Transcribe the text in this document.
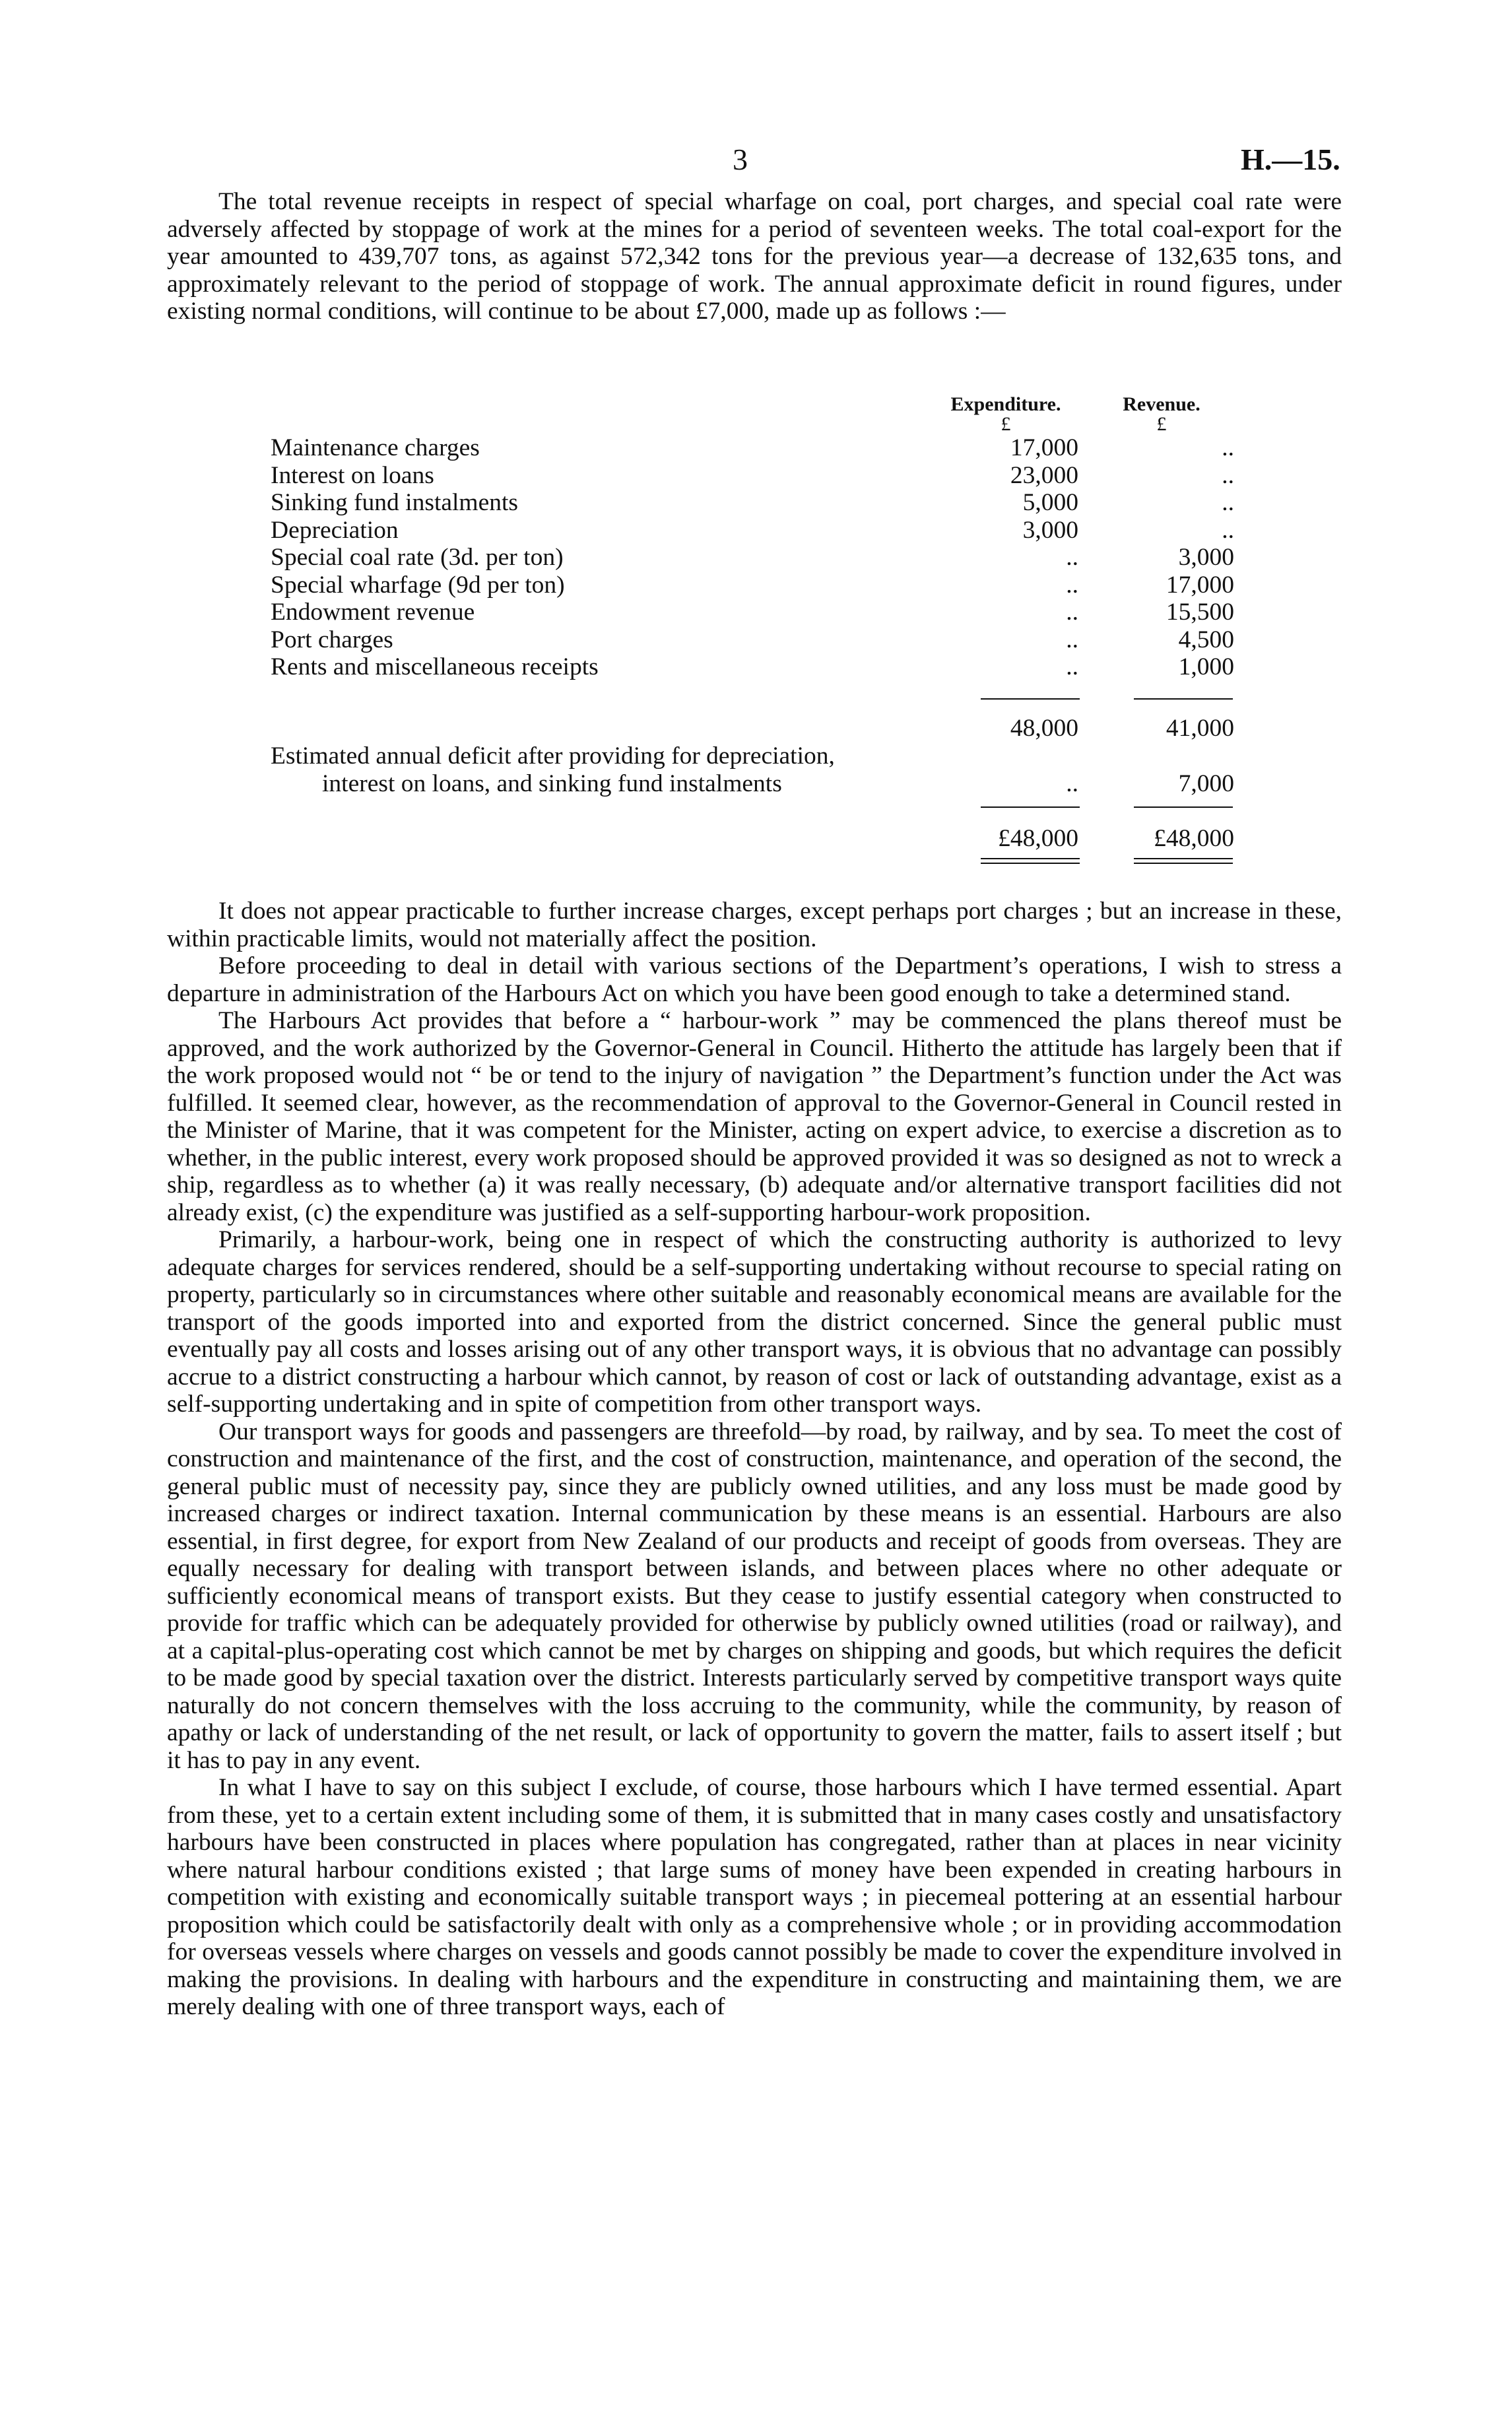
3	H.—15.

The total revenue receipts in respect of special wharfage on coal, port charges, and special coal rate were adversely affected by stoppage of work at the mines for a period of seventeen weeks. The total coal-export for the year amounted to 439,707 tons, as against 572,342 tons for the previous year—a decrease of 132,635 tons, and approximately relevant to the period of stoppage of work. The annual approximate deficit in round figures, under existing normal conditions, will continue to be about £7,000, made up as follows :—

Expenditure.	Revenue.
£	£
Maintenance charges	17,000	..
Interest on loans	23,000	..
Sinking fund instalments	5,000	..
Depreciation	3,000	..
Special coal rate (3d. per ton)	..	3,000
Special wharfage (9d per ton)	..	17,000
Endowment revenue	..	15,500
Port charges	..	4,500
Rents and miscellaneous receipts	..	1,000
48,000	41,000
Estimated annual deficit after providing for depreciation,
interest on loans, and sinking fund instalments	..	7,000
£48,000	£48,000

It does not appear practicable to further increase charges, except perhaps port charges ; but an increase in these, within practicable limits, would not materially affect the position.

Before proceeding to deal in detail with various sections of the Department’s operations, I wish to stress a departure in administration of the Harbours Act on which you have been good enough to take a determined stand.

The Harbours Act provides that before a “ harbour-work ” may be commenced the plans thereof must be approved, and the work authorized by the Governor-General in Council. Hitherto the attitude has largely been that if the work proposed would not “ be or tend to the injury of navigation ” the Department’s function under the Act was fulfilled. It seemed clear, however, as the recommendation of approval to the Governor-General in Council rested in the Minister of Marine, that it was competent for the Minister, acting on expert advice, to exercise a discretion as to whether, in the public interest, every work proposed should be approved provided it was so designed as not to wreck a ship, regardless as to whether (a) it was really necessary, (b) adequate and/or alternative transport facilities did not already exist, (c) the expenditure was justified as a self-supporting harbour-work proposition.

Primarily, a harbour-work, being one in respect of which the constructing authority is authorized to levy adequate charges for services rendered, should be a self-supporting undertaking without recourse to special rating on property, particularly so in circumstances where other suitable and reasonably economical means are available for the transport of the goods imported into and exported from the district concerned. Since the general public must eventually pay all costs and losses arising out of any other transport ways, it is obvious that no advantage can possibly accrue to a district constructing a harbour which cannot, by reason of cost or lack of outstanding advantage, exist as a self-supporting undertaking and in spite of competition from other transport ways.

Our transport ways for goods and passengers are threefold—by road, by railway, and by sea. To meet the cost of construction and maintenance of the first, and the cost of construction, maintenance, and operation of the second, the general public must of necessity pay, since they are publicly owned utilities, and any loss must be made good by increased charges or indirect taxation. Internal communication by these means is an essential. Harbours are also essential, in first degree, for export from New Zealand of our products and receipt of goods from overseas. They are equally necessary for dealing with transport between islands, and between places where no other adequate or sufficiently economical means of transport exists. But they cease to justify essential category when constructed to provide for traffic which can be adequately provided for otherwise by publicly owned utilities (road or railway), and at a capital-plus-operating cost which cannot be met by charges on shipping and goods, but which requires the deficit to be made good by special taxation over the district. Interests particularly served by competitive transport ways quite naturally do not concern themselves with the loss accruing to the community, while the community, by reason of apathy or lack of understanding of the net result, or lack of opportunity to govern the matter, fails to assert itself ; but it has to pay in any event.

In what I have to say on this subject I exclude, of course, those harbours which I have termed essential. Apart from these, yet to a certain extent including some of them, it is submitted that in many cases costly and unsatisfactory harbours have been constructed in places where population has congregated, rather than at places in near vicinity where natural harbour conditions existed ; that large sums of money have been expended in creating harbours in competition with existing and economically suitable transport ways ; in piecemeal pottering at an essential harbour proposition which could be satisfactorily dealt with only as a comprehensive whole ; or in providing accommodation for overseas vessels where charges on vessels and goods cannot possibly be made to cover the expenditure involved in making the provisions. In dealing with harbours and the expenditure in constructing and maintaining them, we are merely dealing with one of three transport ways, each of
